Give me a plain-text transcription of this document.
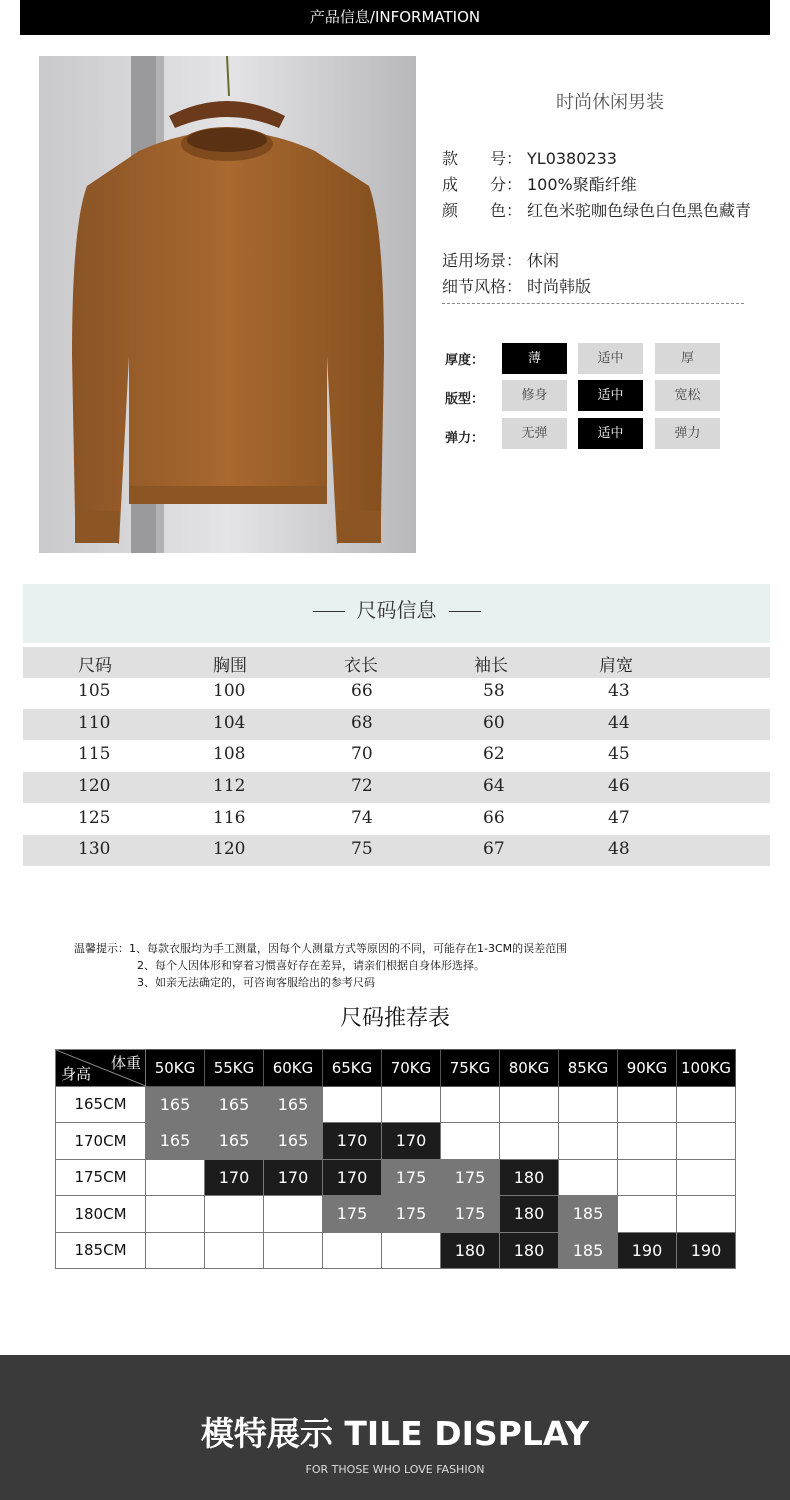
产品信息/INFORMATION
时尚休闲男装
款　　号： YL0380233
成　　分： 100%聚酯纤维
颜　　色： 红色米驼咖色绿色白色黑色藏青
适用场景： 休闲
细节风格： 时尚韩版
厚度：	薄	适中	厚
版型：	修身	适中	宽松
弹力：	无弹	适中	弹力
尺码信息
尺码	胸围	衣长	袖长	肩宽
105	100	66	58	43
110	104	68	60	44
115	108	70	62	45
120	112	72	64	46
125	116	74	66	47
130	120	75	67	48
温馨提示：1、每款衣服均为手工测量，因每个人测量方式等原因的不同，可能存在1-3CM的误差范围
2、每个人因体形和穿着习惯喜好存在差异，请亲们根据自身体形选择。
3、如亲无法确定的，可咨询客服给出的参考尺码
尺码推荐表
体重
身高	50KG	55KG	60KG	65KG	70KG	75KG	80KG	85KG	90KG	100KG
165CM	165	165	165							
170CM	165	165	165	170	170					
175CM		170	170	170	175	175	180			
180CM				175	175	175	180	185		
185CM						180	180	185	190	190
模特展示 TILE DISPLAY
FOR THOSE WHO LOVE FASHION
